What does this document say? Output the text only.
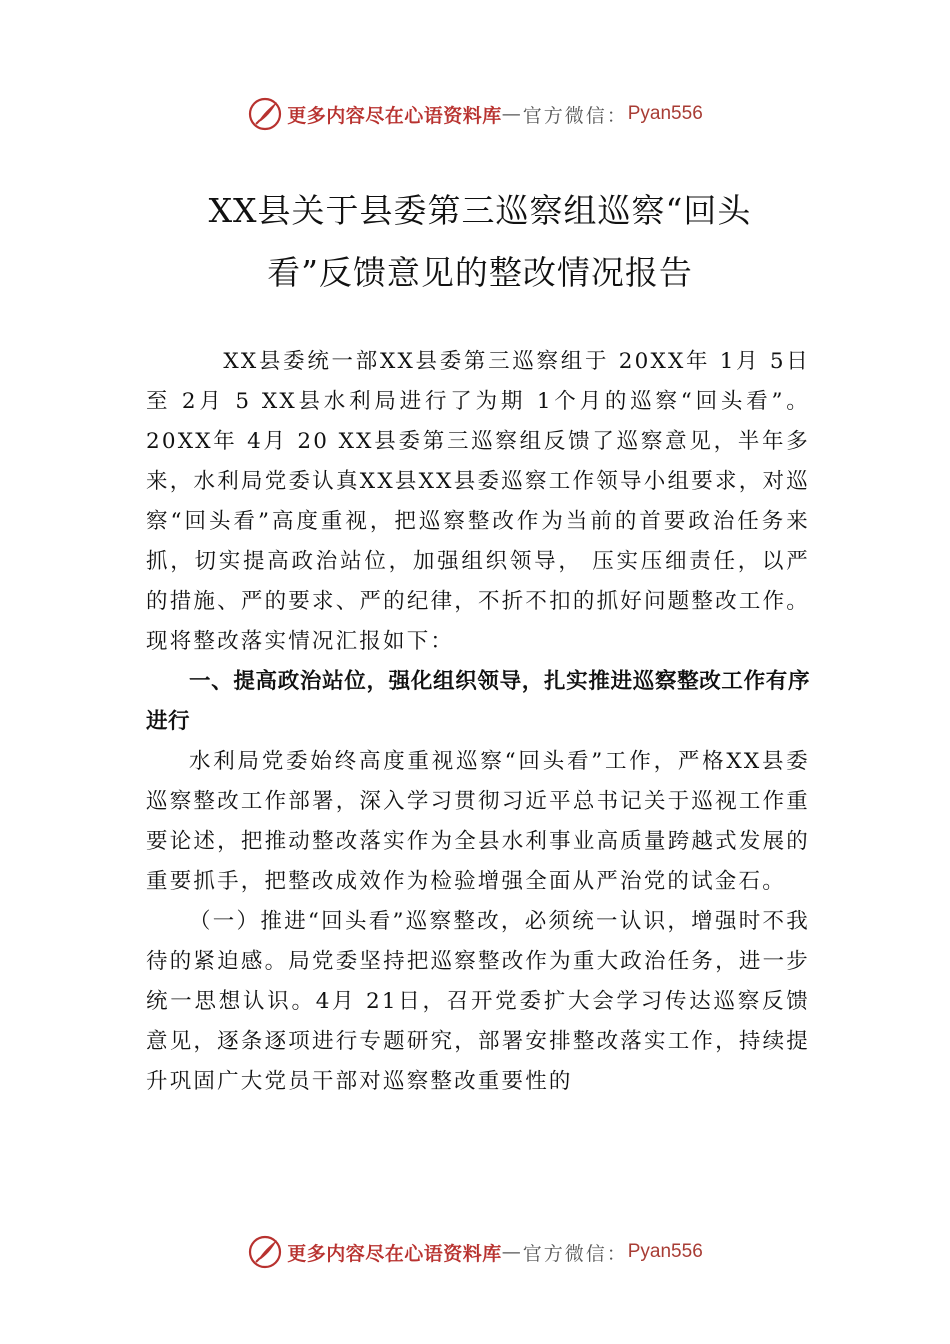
更多内容尽在心语资料库 — 官方微信： Pyan556
XX县关于县委第三巡察组巡察“回头
看”反馈意见的整改情况报告

XX县委统一部XX县委第三巡察组于 20XX年 1月 5日至 2月 5 XX县水利局进行了为期 1个月的巡察“回头看”。20XX年 4月 20 XX县委第三巡察组反馈了巡察意见，半年多来，水利局党委认真XX县XX县委巡察工作领导小组要求，对巡察“回头看”高度重视，把巡察整改作为当前的首要政治任务来抓，切实提高政治站位，加强组织领导， 压实压细责任，以严的措施、严的要求、严的纪律，不折不扣的抓好问题整改工作。现将整改落实情况汇报如下：

一、提高政治站位，强化组织领导，扎实推进巡察整改工作有序进行

水利局党委始终高度重视巡察“回头看”工作，严格XX县委巡察整改工作部署，深入学习贯彻习近平总书记关于巡视工作重要论述，把推动整改落实作为全县水利事业高质量跨越式发展的重要抓手，把整改成效作为检验增强全面从严治党的试金石。

（一）推进“回头看”巡察整改，必须统一认识，增强时不我待的紧迫感。局党委坚持把巡察整改作为重大政治任务，进一步统一思想认识。4月 21日，召开党委扩大会学习传达巡察反馈意见，逐条逐项进行专题研究，部署安排整改落实工作，持续提升巩固广大党员干部对巡察整改重要性的

更多内容尽在心语资料库 — 官方微信： Pyan556
